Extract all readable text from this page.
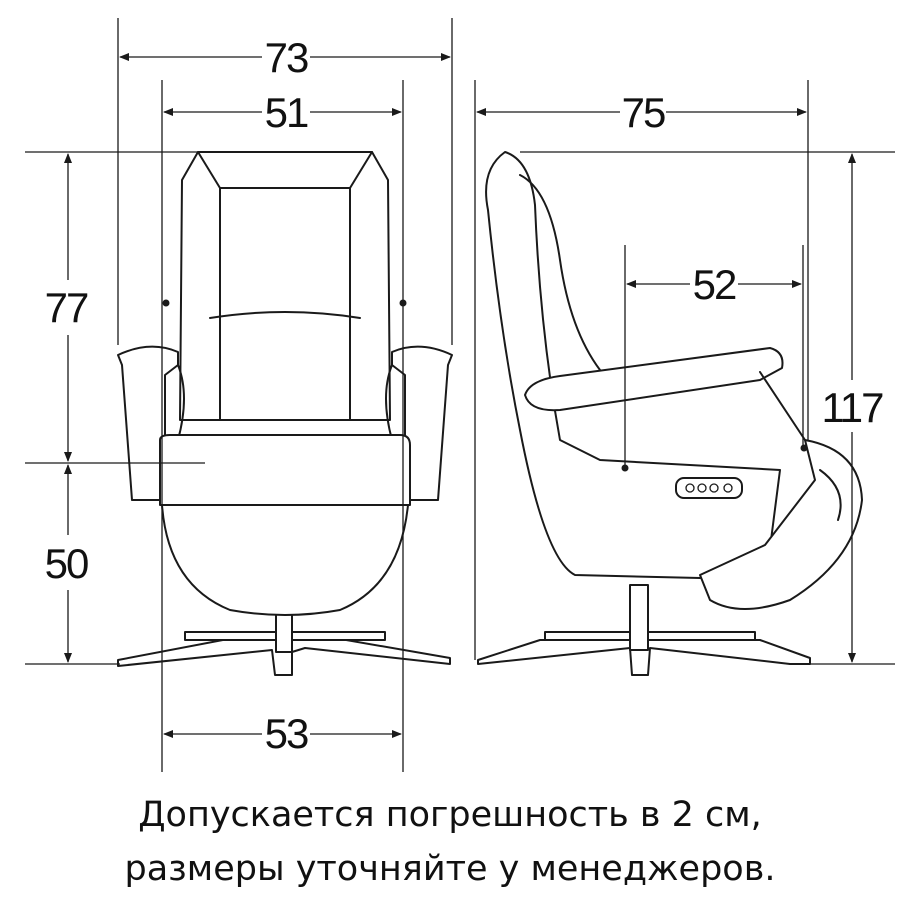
73
51
77
50
53
75
52
117
Допускается погрешность в 2 см,
размеры уточняйте у менеджеров.
